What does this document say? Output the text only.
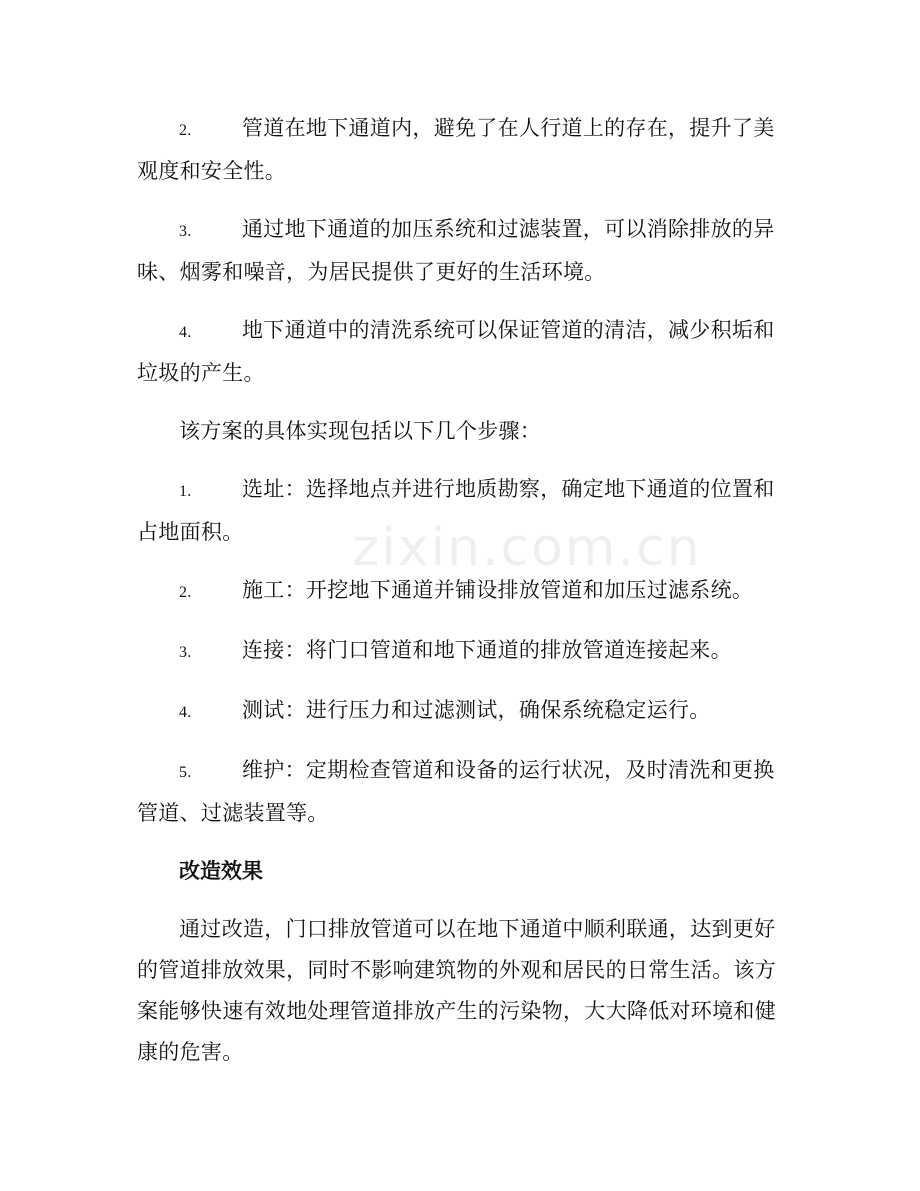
zixin.com.cn
2. 管道在地下通道内，避免了在人行道上的存在，提升了美观度和安全性。
3. 通过地下通道的加压系统和过滤装置，可以消除排放的异味、烟雾和噪音，为居民提供了更好的生活环境。
4. 地下通道中的清洗系统可以保证管道的清洁，减少积垢和垃圾的产生。

该方案的具体实现包括以下几个步骤：

1. 选址：选择地点并进行地质勘察，确定地下通道的位置和占地面积。
2. 施工：开挖地下通道并铺设排放管道和加压过滤系统。
3. 连接：将门口管道和地下通道的排放管道连接起来。
4. 测试：进行压力和过滤测试，确保系统稳定运行。
5. 维护：定期检查管道和设备的运行状况，及时清洗和更换管道、过滤装置等。
改造效果

通过改造，门口排放管道可以在地下通道中顺利联通，达到更好的管道排放效果，同时不影响建筑物的外观和居民的日常生活。该方案能够快速有效地处理管道排放产生的污染物，大大降低对环境和健康的危害。
